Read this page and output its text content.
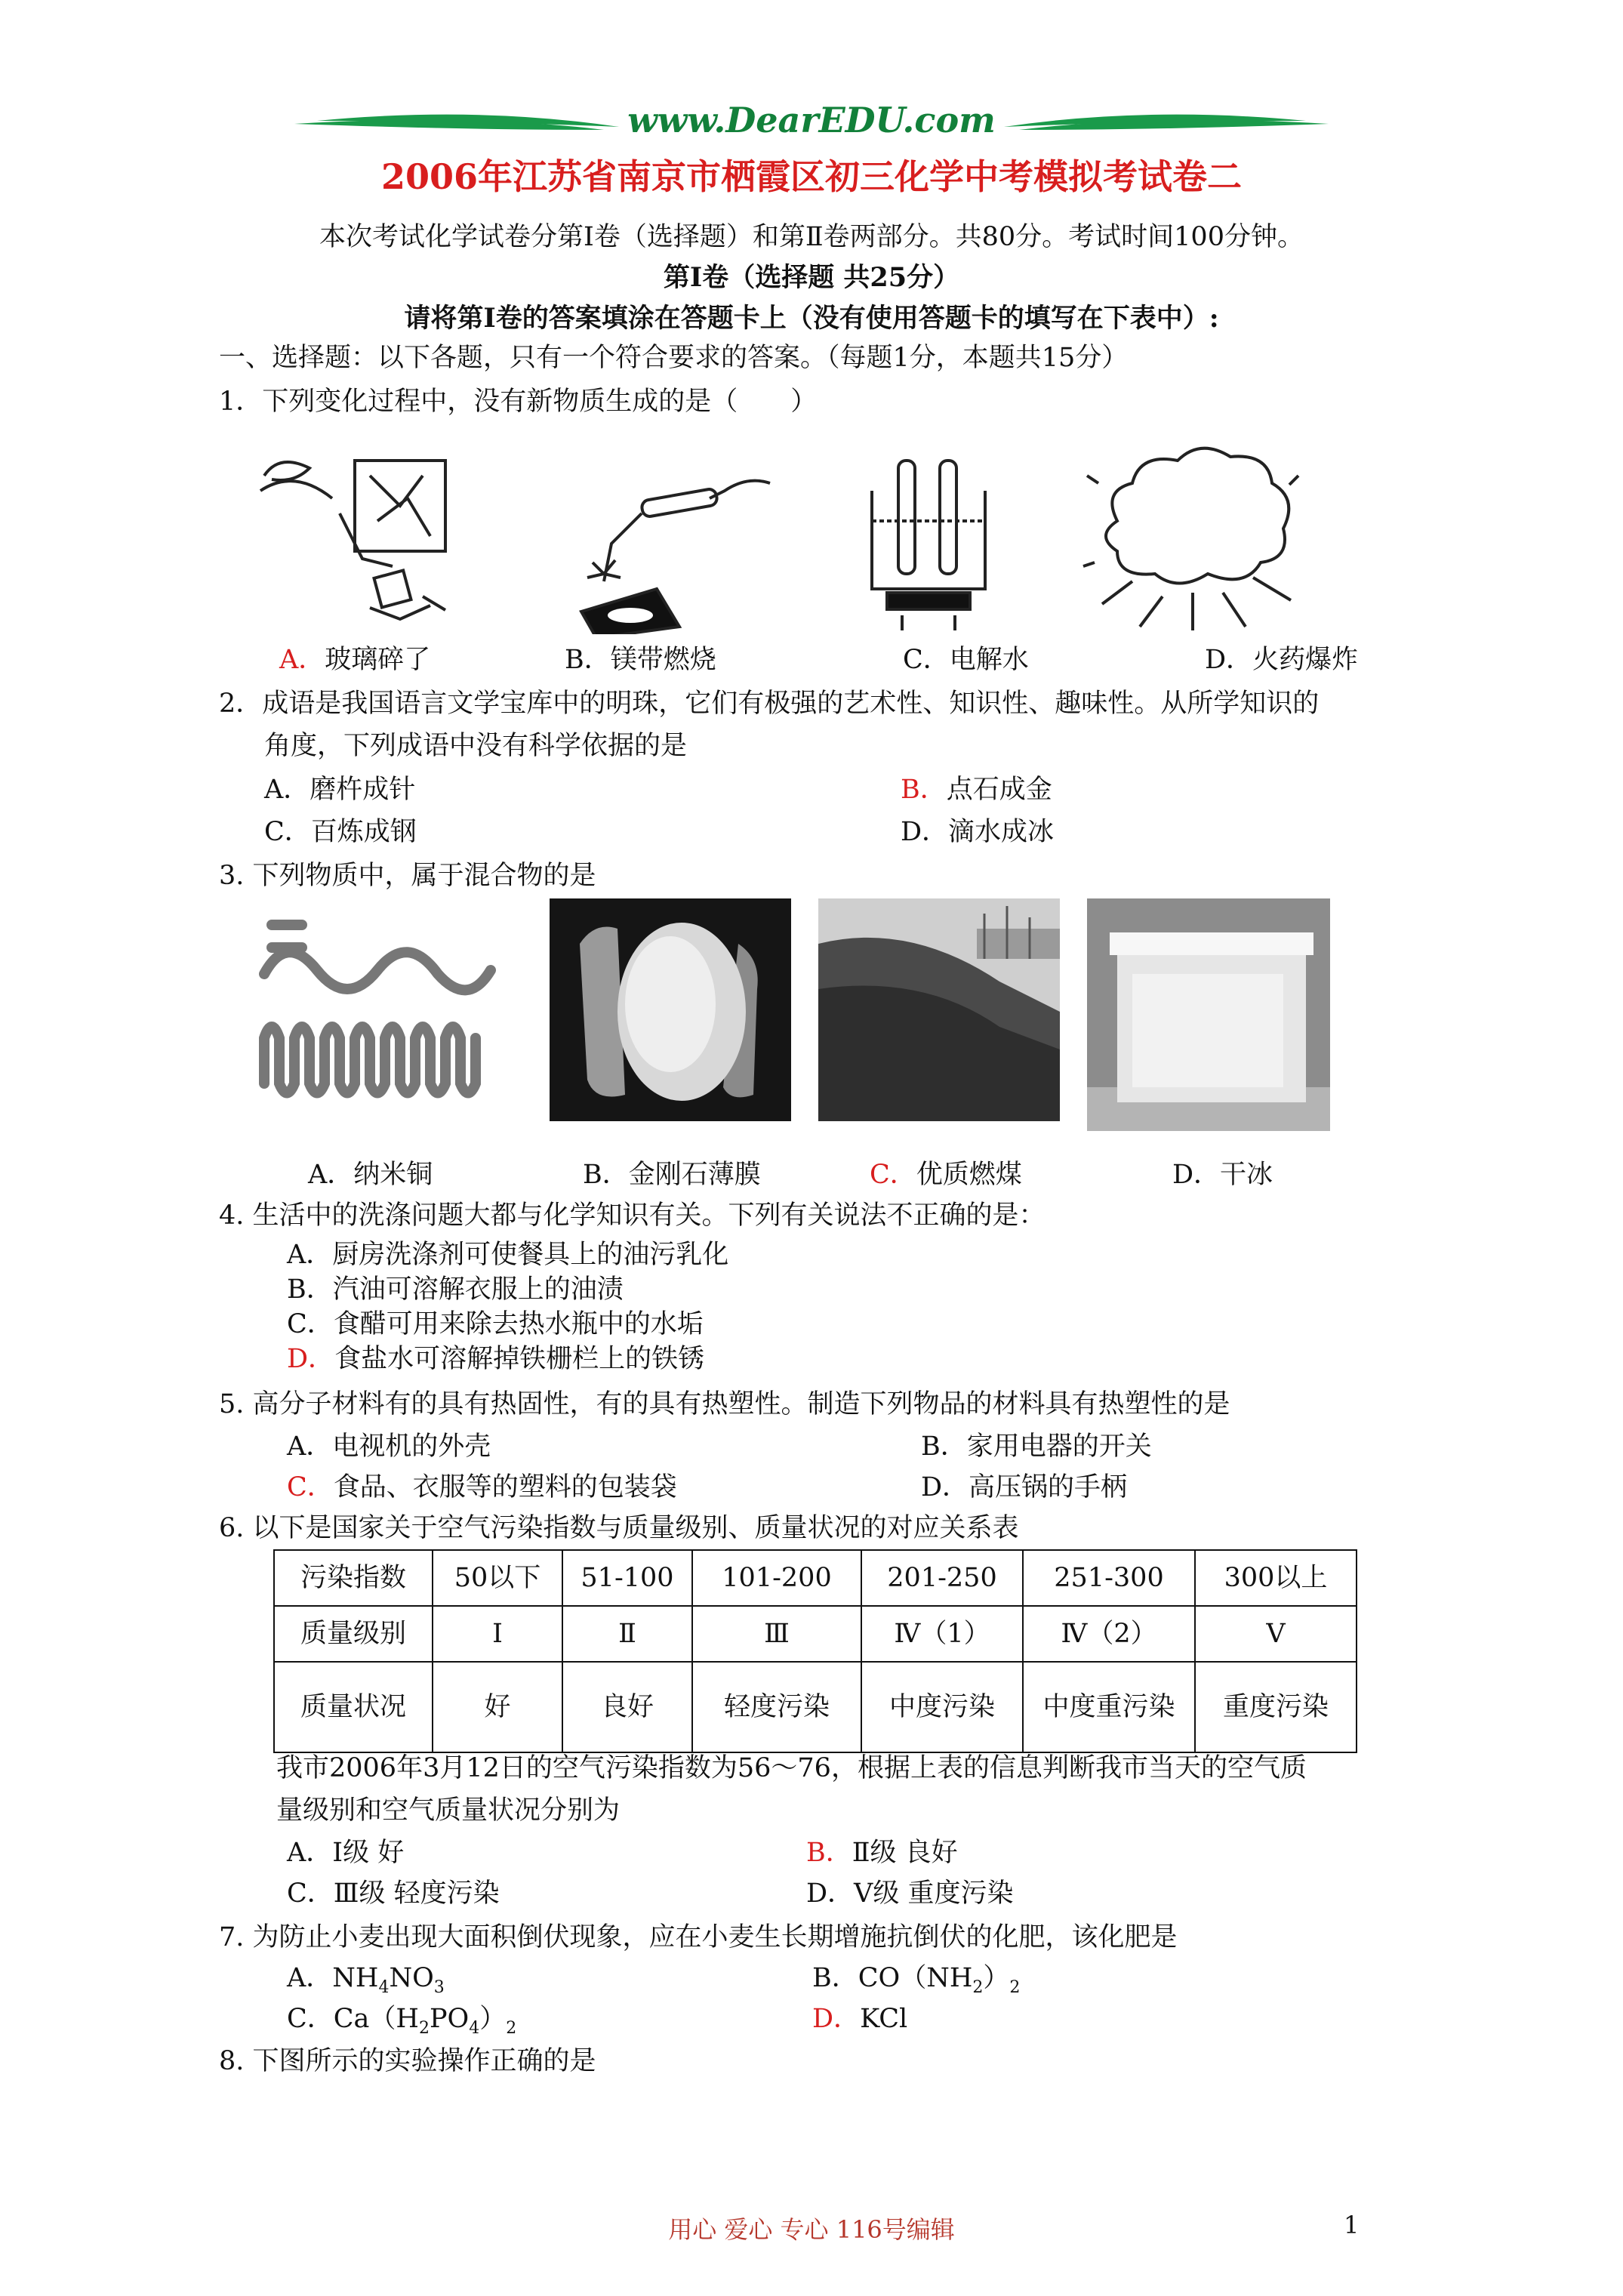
www.DearEDU.com
2006年江苏省南京市栖霞区初三化学中考模拟考试卷二
本次考试化学试卷分第Ⅰ卷（选择题）和第Ⅱ卷两部分。共80分。考试时间100分钟。
第Ⅰ卷（选择题 共25分）
请将第Ⅰ卷的答案填涂在答题卡上（没有使用答题卡的填写在下表中）:
一、选择题：以下各题，只有一个符合要求的答案。（每题1分，本题共15分）
1．下列变化过程中，没有新物质生成的是（　　）
A．玻璃碎了	B．镁带燃烧	C．电解水	D．火药爆炸
2．成语是我国语言文学宝库中的明珠，它们有极强的艺术性、知识性、趣味性。从所学知识的
角度，下列成语中没有科学依据的是
A．磨杵成针	B．点石成金
C．百炼成钢	D．滴水成冰
3. 下列物质中，属于混合物的是
A．纳米铜	B．金刚石薄膜	C．优质燃煤	D．干冰
4. 生活中的洗涤问题大都与化学知识有关。下列有关说法不正确的是：
A．厨房洗涤剂可使餐具上的油污乳化
B．汽油可溶解衣服上的油渍
C．食醋可用来除去热水瓶中的水垢
D．食盐水可溶解掉铁栅栏上的铁锈
5. 高分子材料有的具有热固性，有的具有热塑性。制造下列物品的材料具有热塑性的是
A．电视机的外壳	B．家用电器的开关
C．食品、衣服等的塑料的包装袋	D．高压锅的手柄
6. 以下是国家关于空气污染指数与质量级别、质量状况的对应关系表
污染指数	50以下	51-100	101-200	201-250	251-300	300以上
质量级别	Ⅰ	Ⅱ	Ⅲ	Ⅳ（1）	Ⅳ（2）	Ⅴ
质量状况	好	良好	轻度污染	中度污染	中度重污染	重度污染
我市2006年3月12日的空气污染指数为56～76，根据上表的信息判断我市当天的空气质
量级别和空气质量状况分别为
A．Ⅰ级 好	B．Ⅱ级 良好
C．Ⅲ级 轻度污染	D．Ⅴ级 重度污染
7. 为防止小麦出现大面积倒伏现象，应在小麦生长期增施抗倒伏的化肥，该化肥是
A．$NH_4NO_3$	B．$CO(NH_2)_2$
C．$Ca(H_2PO_4)_2$	D．KCl
8. 下图所示的实验操作正确的是
用心 爱心 专心 116号编辑	1
